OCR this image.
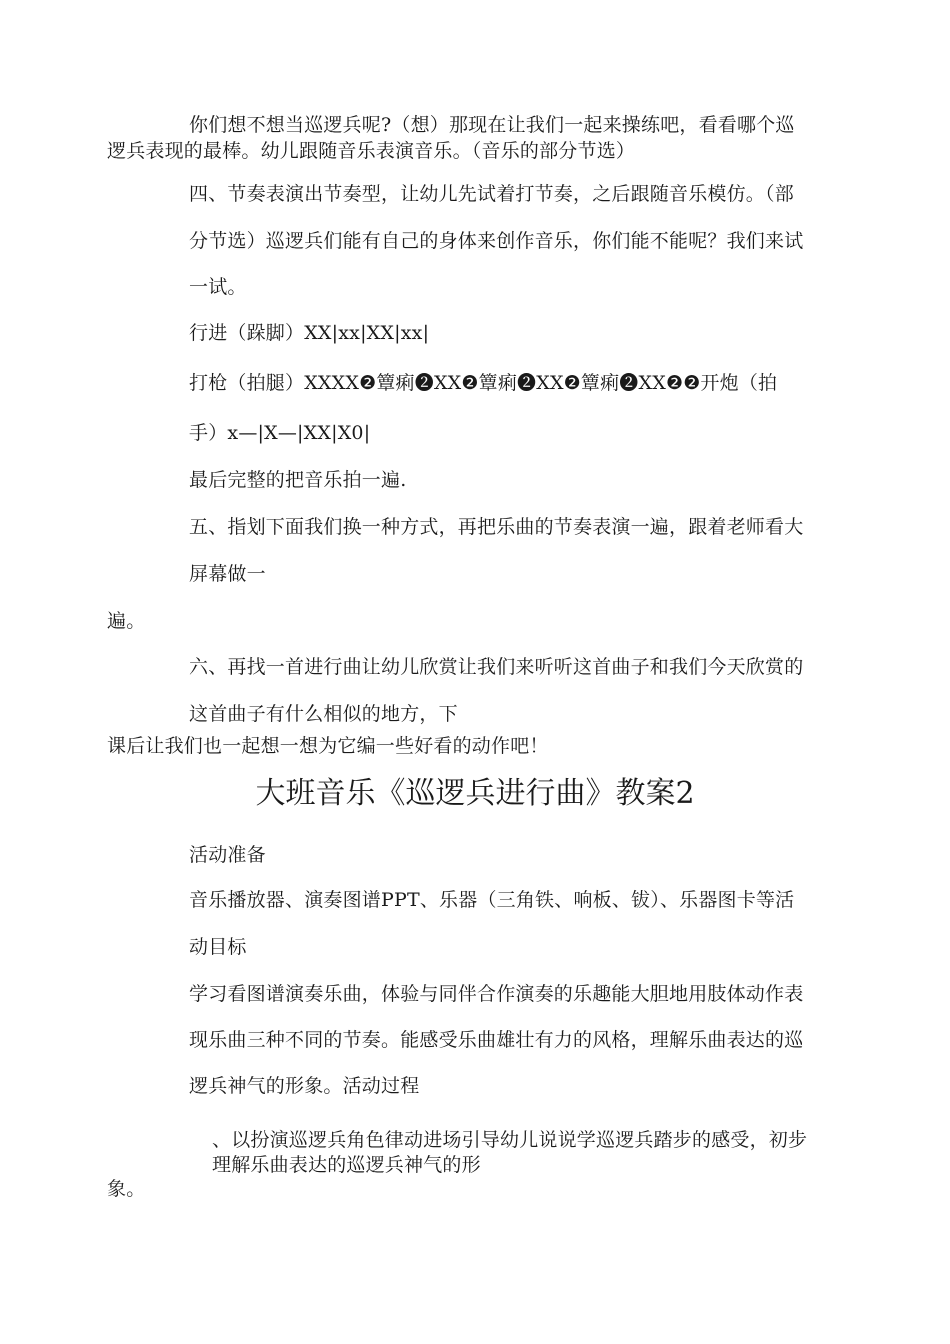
你们想不想当巡逻兵呢?（想）那现在让我们一起来操练吧，看看哪个巡
逻兵表现的最棒。幼儿跟随音乐表演音乐。（音乐的部分节选）
四、节奏表演出节奏型，让幼儿先试着打节奏，之后跟随音乐模仿。（部
分节选）巡逻兵们能有自己的身体来创作音乐，你们能不能呢？我们来试
一试。
行进（跺脚）XX|xx|XX|xx|
打枪（拍腿）XXXX❷簟痢❷XX❷簟痢❷XX❷簟痢❷XX❷❷开炮（拍
手）x—|X—|XX|X0|
最后完整的把音乐拍一遍.
五、指划下面我们换一种方式，再把乐曲的节奏表演一遍，跟着老师看大
屏幕做一
遍。
六、再找一首进行曲让幼儿欣赏让我们来听听这首曲子和我们今天欣赏的
这首曲子有什么相似的地方，下
课后让我们也一起想一想为它编一些好看的动作吧！
大班音乐《巡逻兵进行曲》教案2
活动准备
音乐播放器、演奏图谱PPT、乐器（三角铁、响板、钹）、乐器图卡等活
动目标
学习看图谱演奏乐曲，体验与同伴合作演奏的乐趣能大胆地用肢体动作表
现乐曲三种不同的节奏。能感受乐曲雄壮有力的风格，理解乐曲表达的巡
逻兵神气的形象。活动过程
、以扮演巡逻兵角色律动进场引导幼儿说说学巡逻兵踏步的感受，初步
理解乐曲表达的巡逻兵神气的形
象。
